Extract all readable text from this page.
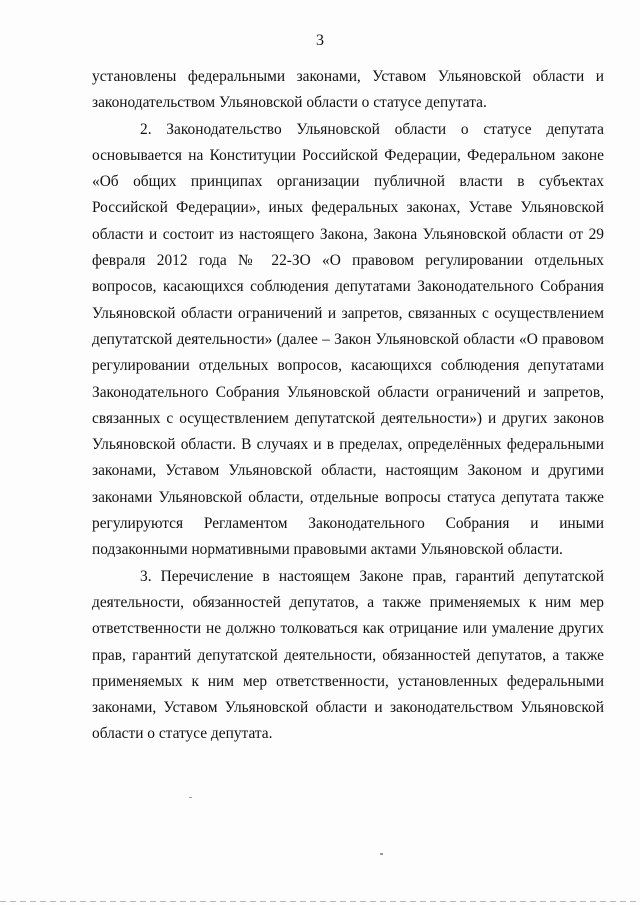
3

установлены федеральными законами, Уставом Ульяновской области и законодательством Ульяновской области о статусе депутата.

2. Законодательство Ульяновской области о статусе депутата основывается на Конституции Российской Федерации, Федеральном законе «Об общих принципах организации публичной власти в субъектах Российской Федерации», иных федеральных законах, Уставе Ульяновской области и состоит из настоящего Закона, Закона Ульяновской области от 29 февраля 2012 года № 22-ЗО «О правовом регулировании отдельных вопросов, касающихся соблюдения депутатами Законодательного Собрания Ульяновской области ограничений и запретов, связанных с осуществлением депутатской деятельности» (далее – Закон Ульяновской области «О правовом регулировании отдельных вопросов, касающихся соблюдения депутатами Законодательного Собрания Ульяновской области ограничений и запретов, связанных с осуществлением депутатской деятельности») и других законов Ульяновской области. В случаях и в пределах, определённых федеральными законами, Уставом Ульяновской области, настоящим Законом и другими законами Ульяновской области, отдельные вопросы статуса депутата также регулируются Регламентом Законодательного Собрания и иными подзаконными нормативными правовыми актами Ульяновской области.

3. Перечисление в настоящем Законе прав, гарантий депутатской деятельности, обязанностей депутатов, а также применяемых к ним мер ответственности не должно толковаться как отрицание или умаление других прав, гарантий депутатской деятельности, обязанностей депутатов, а также применяемых к ним мер ответственности, установленных федеральными законами, Уставом Ульяновской области и законодательством Ульяновской области о статусе депутата.
